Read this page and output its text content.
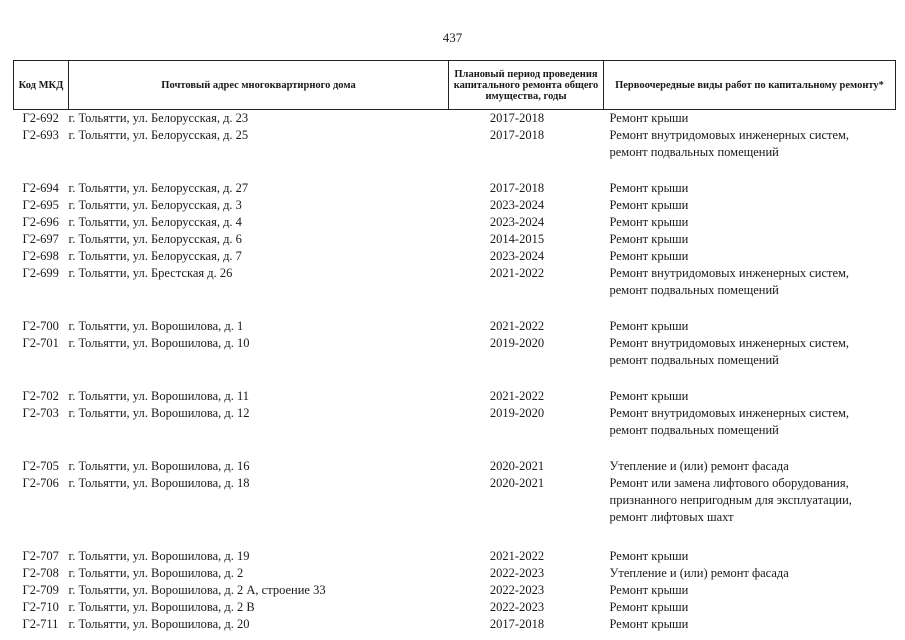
437
Код МКД	Почтовый адрес многоквартирного дома	Плановый период проведения капитального ремонта общего имущества, годы	Первоочередные виды работ по капитальному ремонту*
Г2-692	г. Тольятти, ул. Белорусская, д. 23	2017-2018	Ремонт крыши

Г2-693	г. Тольятти, ул. Белорусская, д. 25	2017-2018	Ремонт внутридомовых инженерных систем,
ремонт подвальных помещений

Г2-694	г. Тольятти, ул. Белорусская, д. 27	2017-2018	Ремонт крыши

Г2-695	г. Тольятти, ул. Белорусская, д. 3	2023-2024	Ремонт крыши

Г2-696	г. Тольятти, ул. Белорусская, д. 4	2023-2024	Ремонт крыши

Г2-697	г. Тольятти, ул. Белорусская, д. 6	2014-2015	Ремонт крыши

Г2-698	г. Тольятти, ул. Белорусская, д. 7	2023-2024	Ремонт крыши

Г2-699	г. Тольятти, ул. Брестская д. 26	2021-2022	Ремонт внутридомовых инженерных систем,
ремонт подвальных помещений

Г2-700	г. Тольятти, ул. Ворошилова, д. 1	2021-2022	Ремонт крыши

Г2-701	г. Тольятти, ул. Ворошилова, д. 10	2019-2020	Ремонт внутридомовых инженерных систем,
ремонт подвальных помещений

Г2-702	г. Тольятти, ул. Ворошилова, д. 11	2021-2022	Ремонт крыши

Г2-703	г. Тольятти, ул. Ворошилова, д. 12	2019-2020	Ремонт внутридомовых инженерных систем,
ремонт подвальных помещений

Г2-705	г. Тольятти, ул. Ворошилова, д. 16	2020-2021	Утепление и (или) ремонт фасада

Г2-706	г. Тольятти, ул. Ворошилова, д. 18	2020-2021	Ремонт или замена лифтового оборудования,
признанного непригодным для эксплуатации,
ремонт лифтовых шахт

Г2-707	г. Тольятти, ул. Ворошилова, д. 19	2021-2022	Ремонт крыши

Г2-708	г. Тольятти, ул. Ворошилова, д. 2	2022-2023	Утепление и (или) ремонт фасада

Г2-709	г. Тольятти, ул. Ворошилова, д. 2 А, строение 33	2022-2023	Ремонт крыши

Г2-710	г. Тольятти, ул. Ворошилова, д. 2 В	2022-2023	Ремонт крыши

Г2-711	г. Тольятти, ул. Ворошилова, д. 20	2017-2018	Ремонт крыши
